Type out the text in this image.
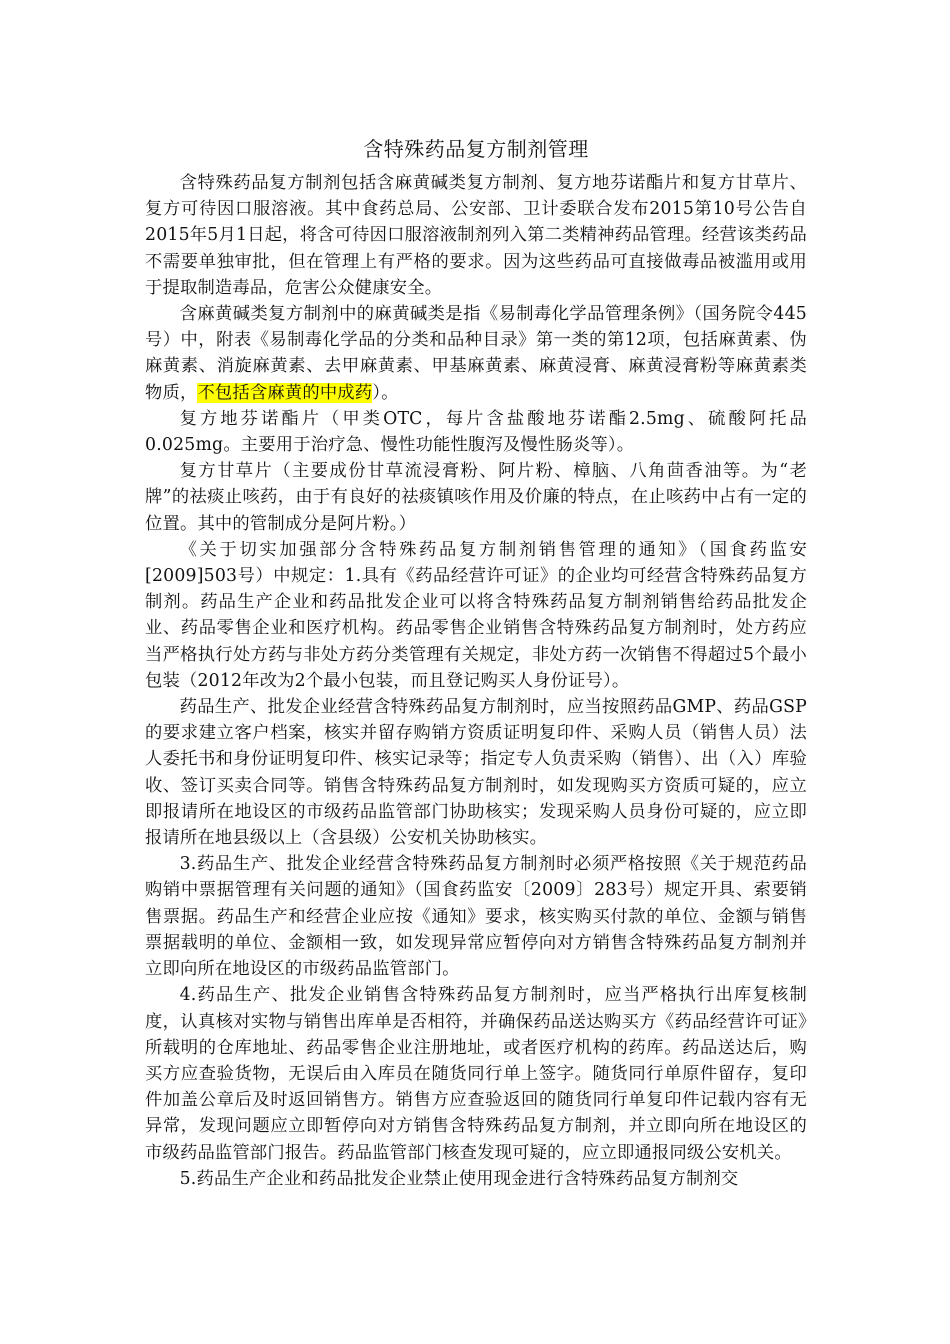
含特殊药品复方制剂管理

含特殊药品复方制剂包括含麻黄碱类复方制剂、复方地芬诺酯片和复方甘草片、复方可待因口服溶液。其中食药总局、公安部、卫计委联合发布2015第10号公告自2015年5月1日起，将含可待因口服溶液制剂列入第二类精神药品管理。经营该类药品不需要单独审批，但在管理上有严格的要求。因为这些药品可直接做毒品被滥用或用于提取制造毒品，危害公众健康安全。

含麻黄碱类复方制剂中的麻黄碱类是指《易制毒化学品管理条例》（国务院令445号）中，附表《易制毒化学品的分类和品种目录》第一类的第12项，包括麻黄素、伪麻黄素、消旋麻黄素、去甲麻黄素、甲基麻黄素、麻黄浸膏、麻黄浸膏粉等麻黄素类物质，不包括含麻黄的中成药）。

复方地芬诺酯片（甲类OTC，每片含盐酸地芬诺酯2.5mg、硫酸阿托品0.025mg。主要用于治疗急、慢性功能性腹泻及慢性肠炎等）。

复方甘草片（主要成份甘草流浸膏粉、阿片粉、樟脑、八角茴香油等。为“老牌”的祛痰止咳药，由于有良好的祛痰镇咳作用及价廉的特点，在止咳药中占有一定的位置。其中的管制成分是阿片粉。）

《关于切实加强部分含特殊药品复方制剂销售管理的通知》（国食药监安[2009]503号）中规定：1.具有《药品经营许可证》的企业均可经营含特殊药品复方制剂。药品生产企业和药品批发企业可以将含特殊药品复方制剂销售给药品批发企业、药品零售企业和医疗机构。药品零售企业销售含特殊药品复方制剂时，处方药应当严格执行处方药与非处方药分类管理有关规定，非处方药一次销售不得超过5个最小包装（2012年改为2个最小包装，而且登记购买人身份证号）。

药品生产、批发企业经营含特殊药品复方制剂时，应当按照药品GMP、药品GSP的要求建立客户档案，核实并留存购销方资质证明复印件、采购人员（销售人员）法人委托书和身份证明复印件、核实记录等；指定专人负责采购（销售）、出（入）库验收、签订买卖合同等。销售含特殊药品复方制剂时，如发现购买方资质可疑的，应立即报请所在地设区的市级药品监管部门协助核实；发现采购人员身份可疑的，应立即报请所在地县级以上（含县级）公安机关协助核实。

3.药品生产、批发企业经营含特殊药品复方制剂时必须严格按照《关于规范药品购销中票据管理有关问题的通知》（国食药监安〔2009〕283号）规定开具、索要销售票据。药品生产和经营企业应按《通知》要求，核实购买付款的单位、金额与销售票据载明的单位、金额相一致，如发现异常应暂停向对方销售含特殊药品复方制剂并立即向所在地设区的市级药品监管部门。

4.药品生产、批发企业销售含特殊药品复方制剂时，应当严格执行出库复核制度，认真核对实物与销售出库单是否相符，并确保药品送达购买方《药品经营许可证》所载明的仓库地址、药品零售企业注册地址，或者医疗机构的药库。药品送达后，购买方应查验货物，无误后由入库员在随货同行单上签字。随货同行单原件留存，复印件加盖公章后及时返回销售方。销售方应查验返回的随货同行单复印件记载内容有无异常，发现问题应立即暂停向对方销售含特殊药品复方制剂，并立即向所在地设区的市级药品监管部门报告。药品监管部门核查发现可疑的，应立即通报同级公安机关。

5.药品生产企业和药品批发企业禁止使用现金进行含特殊药品复方制剂交
